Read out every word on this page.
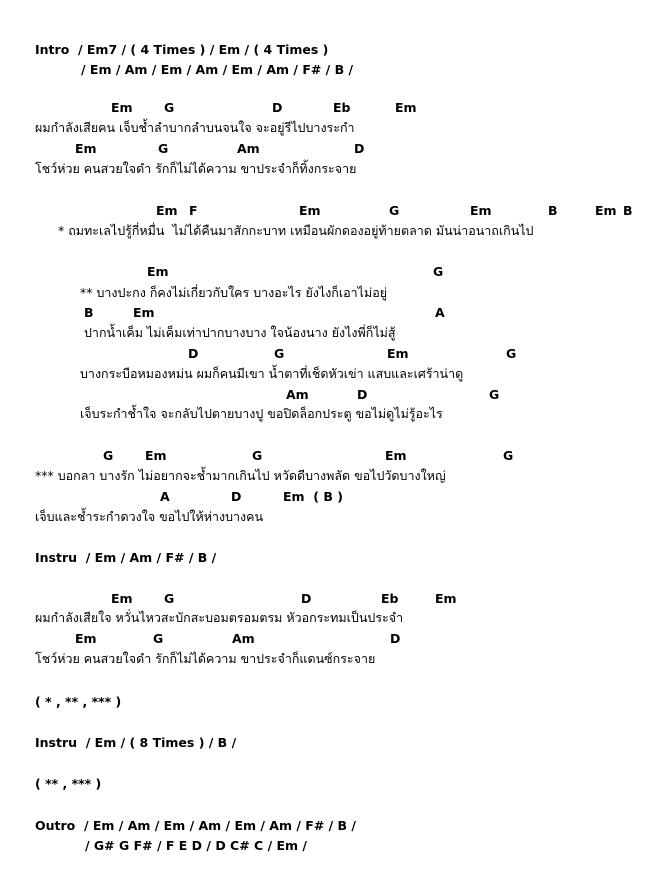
Intro  / Em7 / ( 4 Times ) / Em / ( 4 Times )
/ Em / Am / Em / Am / Em / Am / F# / B /
Em	G	D	Eb	Em
ผมกำลังเสียคน เจ็บช้ำลำบากลำบนจนใจ จะอยู่รีไปบางระกำ
Em	G	Am	D
โชว์ห่วย คนสวยใจดำ รักก็ไม่ได้ความ ขาประจำก็ทิ้งกระจาย
Em F	Em	G	Em	B	Em B
* ถมทะเลไปรู้กี่หมื่น  ไม่ได้คืนมาสักกะบาท เหมือนผักดองอยู่ท้ายตลาด มันน่าอนาถเกินไป
Em	G
** บางปะกง ก็คงไม่เกี่ยวกับใคร บางอะไร ยังไงก็เอาไม่อยู่
B	Em	A
ปากน้ำเค็ม ไม่เค็มเท่าปากบางบาง ใจน้องนาง ยังไงพี่ก็ไม่สู้
D	G	Em	G
บางกระบือหมองหม่น ผมก็คนมีเขา น้ำตาที่เช็ดหัวเข่า แสบและเศร้าน่าดู
Am	D	G
เจ็บระกำช้ำใจ จะกลับไปตายบางปู ขอปิดล็อกประตู ขอไม่ดูไม่รู้อะไร
G	Em	G	Em	G
*** บอกลา บางรัก ไม่อยากจะช้ำมากเกินไป หวัดดีบางพลัด ขอไปวัดบางใหญ่
A	D	Em  ( B )
เจ็บและช้ำระกำดวงใจ ขอไปให้ห่างบางคน
Instru  / Em / Am / F# / B /
Em	G	D	Eb	Em
ผมกำลังเสียใจ หวั่นไหวสะบักสะบอมตรอมตรม หัวอกระทมเป็นประจำ
Em	G	Am	D
โชว์ห่วย คนสวยใจดำ รักก็ไม่ได้ความ ขาประจำก็แดนซ์กระจาย
( * , ** , *** )
Instru  / Em / ( 8 Times ) / B /
( ** , *** )
Outro  / Em / Am / Em / Am / Em / Am / F# / B /
/ G# G F# / F E D / D C# C / Em /
